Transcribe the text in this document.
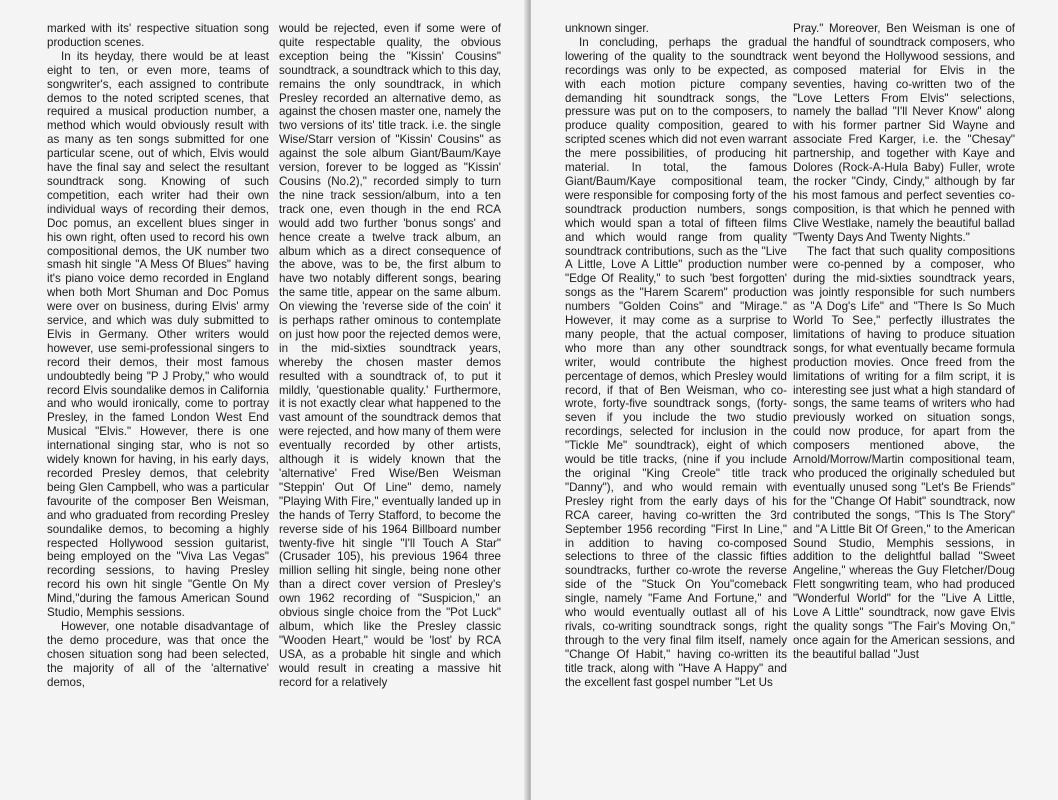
marked with its' respective situation song production scenes.

In its heyday, there would be at least eight to ten, or even more, teams of songwriter's, each assigned to contribute demos to the noted scripted scenes, that required a musical production number, a method which would obviously result with as many as ten songs submitted for one particular scene, out of which, Elvis would have the final say and select the resultant soundtrack song. Knowing of such competition, each writer had their own individual ways of recording their demos, Doc pomus, an excellent blues singer in his own right, often used to record his own compositional demos, the UK number two smash hit single "A Mess Of Blues" having it's piano voice demo recorded in England when both Mort Shuman and Doc Pomus were over on business, during Elvis' army service, and which was duly submitted to Elvis in Germany. Other writers would however, use semi-professional singers to record their demos, their most famous undoubtedly being "P J Proby," who would record Elvis soundalike demos in California and who would ironically, come to portray Presley, in the famed London West End Musical "Elvis." However, there is one international singing star, who is not so widely known for having, in his early days, recorded Presley demos, that celebrity being Glen Campbell, who was a particular favourite of the composer Ben Weisman, and who graduated from recording Presley soundalike demos, to becoming a highly respected Hollywood session guitarist, being employed on the "Viva Las Vegas" recording sessions, to having Presley record his own hit single "Gentle On My Mind,"during the famous American Sound Studio, Memphis sessions.

However, one notable disadvantage of the demo procedure, was that once the chosen situation song had been selected, the majority of all of the 'alternative' demos,

would be rejected, even if some were of quite respectable quality, the obvious exception being the "Kissin' Cousins" soundtrack, a soundtrack which to this day, remains the only soundtrack, in which Presley recorded an alternative demo, as against the chosen master one, namely the two versions of its' title track. i.e. the single Wise/Starr version of "Kissin' Cousins" as against the sole album Giant/Baum/Kaye version, forever to be logged as "Kissin' Cousins (No.2)," recorded simply to turn the nine track session/album, into a ten track one, even though in the end RCA would add two further 'bonus songs' and hence create a twelve track album, an album which as a direct consequence of the above, was to be, the first album to have two notably different songs, bearing the same title, appear on the same album. On viewing the 'reverse side of the coin' it is perhaps rather ominous to contemplate on just how poor the rejected demos were, in the mid-sixties soundtrack years, whereby the chosen master demos resulted with a soundtrack of, to put it mildly, 'questionable quality.' Furthermore, it is not exactly clear what happened to the vast amount of the soundtrack demos that were rejected, and how many of them were eventually recorded by other artists, although it is widely known that the 'alternative' Fred Wise/Ben Weisman "Steppin' Out Of Line" demo, namely "Playing With Fire," eventually landed up in the hands of Terry Stafford, to become the reverse side of his 1964 Billboard number twenty-five hit single "I'll Touch A Star" (Crusader 105), his previous 1964 three million selling hit single, being none other than a direct cover version of Presley's own 1962 recording of "Suspicion," an obvious single choice from the "Pot Luck" album, which like the Presley classic "Wooden Heart," would be 'lost' by RCA USA, as a probable hit single and which would result in creating a massive hit record for a relatively

unknown singer.

In concluding, perhaps the gradual lowering of the quality to the soundtrack recordings was only to be expected, as with each motion picture company demanding hit soundtrack songs, the pressure was put on to the composers, to produce quality composition, geared to scripted scenes which did not even warrant the mere possibilities, of producing hit material. In total, the famous Giant/Baum/Kaye compositional team, were responsible for composing forty of the soundtrack production numbers, songs which would span a total of fifteen films and which would range from quality soundtrack contributions, such as the "Live A Little, Love A Little" production number "Edge Of Reality," to such 'best forgotten' songs as the "Harem Scarem" production numbers "Golden Coins" and "Mirage." However, it may come as a surprise to many people, that the actual composer, who more than any other soundtrack writer, would contribute the highest percentage of demos, which Presley would record, if that of Ben Weisman, who co-wrote, forty-five soundtrack songs, (forty-seven if you include the two studio recordings, selected for inclusion in the "Tickle Me" soundtrack), eight of which would be title tracks, (nine if you include the original "King Creole" title track "Danny"), and who would remain with Presley right from the early days of his RCA career, having co-written the 3rd September 1956 recording "First In Line," in addition to having co-composed selections to three of the classic fifties soundtracks, further co-wrote the reverse side of the "Stuck On You"comeback single, namely "Fame And Fortune," and who would eventually outlast all of his rivals, co-writing soundtrack songs, right through to the very final film itself, namely "Change Of Habit," having co-written its title track, along with "Have A Happy" and the excellent fast gospel number "Let Us

Pray." Moreover, Ben Weisman is one of the handful of soundtrack composers, who went beyond the Hollywood sessions, and composed material for Elvis in the seventies, having co-written two of the "Love Letters From Elvis" selections, namely the ballad "I'll Never Know" along with his former partner Sid Wayne and associate Fred Karger, i.e. the "Chesay" partnership, and together with Kaye and Dolores (Rock-A-Hula Baby) Fuller, wrote the rocker "Cindy, Cindy," although by far his most famous and perfect seventies co-composition, is that which he penned with Clive Westlake, namely the beautiful ballad "Twenty Days And Twenty Nights."

The fact that such quality compositions were co-penned by a composer, who during the mid-sixties soundtrack years, was jointly responsible for such numbers as "A Dog's Life" and "There Is So Much World To See," perfectly illustrates the limitations of having to produce situation songs, for what eventually became formula production movies. Once freed from the limitations of writing for a film script, it is interesting see just what a high standard of songs, the same teams of writers who had previously worked on situation songs, could now produce, for apart from the composers mentioned above, the Arnold/Morrow/Martin compositional team, who produced the originally scheduled but eventually unused song "Let's Be Friends" for the "Change Of Habit" soundtrack, now contributed the songs, "This Is The Story" and "A Little Bit Of Green," to the American Sound Studio, Memphis sessions, in addition to the delightful ballad "Sweet Angeline," whereas the Guy Fletcher/Doug Flett songwriting team, who had produced "Wonderful World" for the "Live A Little, Love A Little" soundtrack, now gave Elvis the quality songs "The Fair's Moving On," once again for the American sessions, and the beautiful ballad "Just
